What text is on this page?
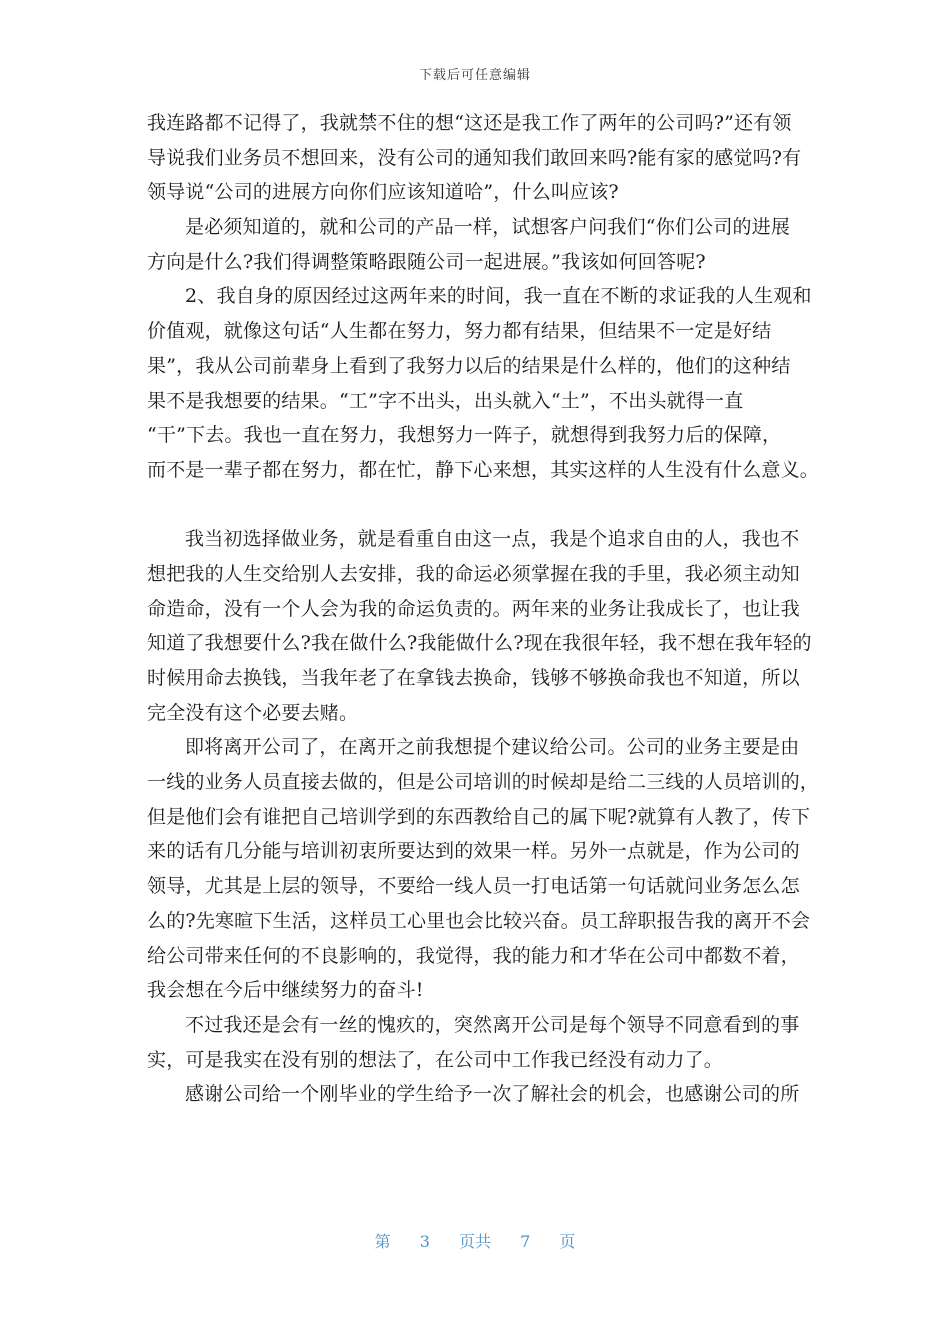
下载后可任意编辑
我连路都不记得了，我就禁不住的想“这还是我工作了两年的公司吗?”还有领
导说我们业务员不想回来，没有公司的通知我们敢回来吗?能有家的感觉吗?有
领导说“公司的进展方向你们应该知道哈”，什么叫应该?
是必须知道的，就和公司的产品一样，试想客户问我们“你们公司的进展
方向是什么?我们得调整策略跟随公司一起进展。”我该如何回答呢?
2、我自身的原因经过这两年来的时间，我一直在不断的求证我的人生观和
价值观，就像这句话“人生都在努力，努力都有结果，但结果不一定是好结
果”，我从公司前辈身上看到了我努力以后的结果是什么样的，他们的这种结
果不是我想要的结果。“工”字不出头，出头就入“土”，不出头就得一直
“干”下去。我也一直在努力，我想努力一阵子，就想得到我努力后的保障，
而不是一辈子都在努力，都在忙，静下心来想，其实这样的人生没有什么意义。
我当初选择做业务，就是看重自由这一点，我是个追求自由的人，我也不
想把我的人生交给别人去安排，我的命运必须掌握在我的手里，我必须主动知
命造命，没有一个人会为我的命运负责的。两年来的业务让我成长了，也让我
知道了我想要什么?我在做什么?我能做什么?现在我很年轻，我不想在我年轻的
时候用命去换钱，当我年老了在拿钱去换命，钱够不够换命我也不知道，所以
完全没有这个必要去赌。
即将离开公司了，在离开之前我想提个建议给公司。公司的业务主要是由
一线的业务人员直接去做的，但是公司培训的时候却是给二三线的人员培训的，
但是他们会有谁把自己培训学到的东西教给自己的属下呢?就算有人教了，传下
来的话有几分能与培训初衷所要达到的效果一样。另外一点就是，作为公司的
领导，尤其是上层的领导，不要给一线人员一打电话第一句话就问业务怎么怎
么的?先寒暄下生活，这样员工心里也会比较兴奋。员工辞职报告我的离开不会
给公司带来任何的不良影响的，我觉得，我的能力和才华在公司中都数不着，
我会想在今后中继续努力的奋斗!
不过我还是会有一丝的愧疚的，突然离开公司是每个领导不同意看到的事
实，可是我实在没有别的想法了，在公司中工作我已经没有动力了。
感谢公司给一个刚毕业的学生给予一次了解社会的机会，也感谢公司的所
第 3 页共 7 页
